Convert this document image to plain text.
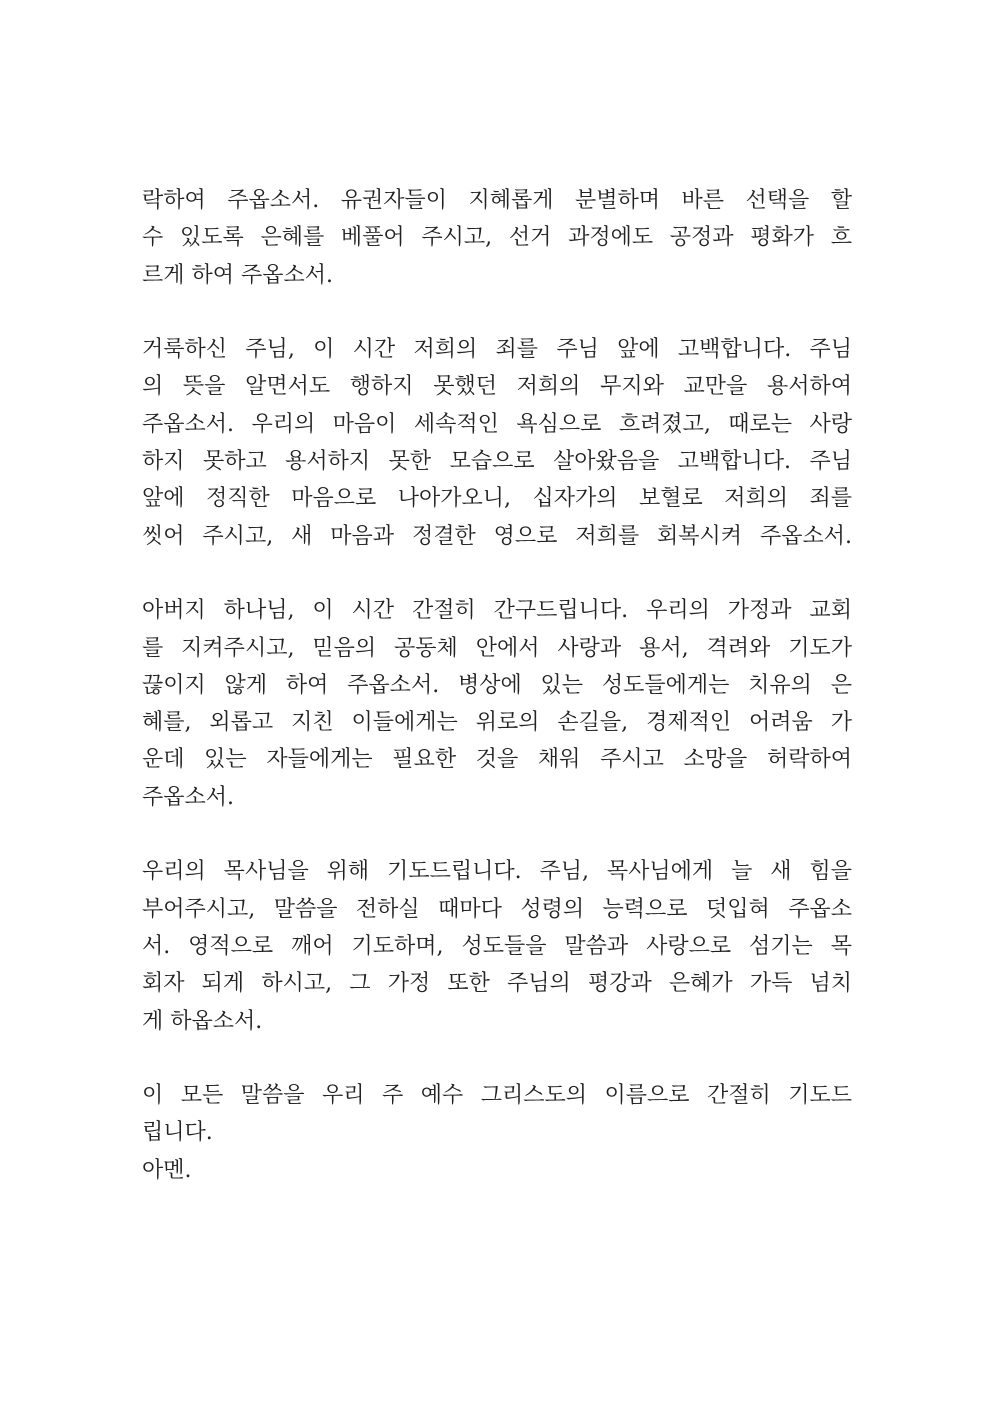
락하여 주옵소서. 유권자들이 지혜롭게 분별하며 바른 선택을 할
수 있도록 은혜를 베풀어 주시고, 선거 과정에도 공정과 평화가 흐
르게 하여 주옵소서.
거룩하신 주님, 이 시간 저희의 죄를 주님 앞에 고백합니다. 주님
의 뜻을 알면서도 행하지 못했던 저희의 무지와 교만을 용서하여
주옵소서. 우리의 마음이 세속적인 욕심으로 흐려졌고, 때로는 사랑
하지 못하고 용서하지 못한 모습으로 살아왔음을 고백합니다. 주님
앞에 정직한 마음으로 나아가오니, 십자가의 보혈로 저희의 죄를
씻어 주시고, 새 마음과 정결한 영으로 저희를 회복시켜 주옵소서.
아버지 하나님, 이 시간 간절히 간구드립니다. 우리의 가정과 교회
를 지켜주시고, 믿음의 공동체 안에서 사랑과 용서, 격려와 기도가
끊이지 않게 하여 주옵소서. 병상에 있는 성도들에게는 치유의 은
혜를, 외롭고 지친 이들에게는 위로의 손길을, 경제적인 어려움 가
운데 있는 자들에게는 필요한 것을 채워 주시고 소망을 허락하여
주옵소서.
우리의 목사님을 위해 기도드립니다. 주님, 목사님에게 늘 새 힘을
부어주시고, 말씀을 전하실 때마다 성령의 능력으로 덧입혀 주옵소
서. 영적으로 깨어 기도하며, 성도들을 말씀과 사랑으로 섬기는 목
회자 되게 하시고, 그 가정 또한 주님의 평강과 은혜가 가득 넘치
게 하옵소서.
이 모든 말씀을 우리 주 예수 그리스도의 이름으로 간절히 기도드
립니다.
아멘.
